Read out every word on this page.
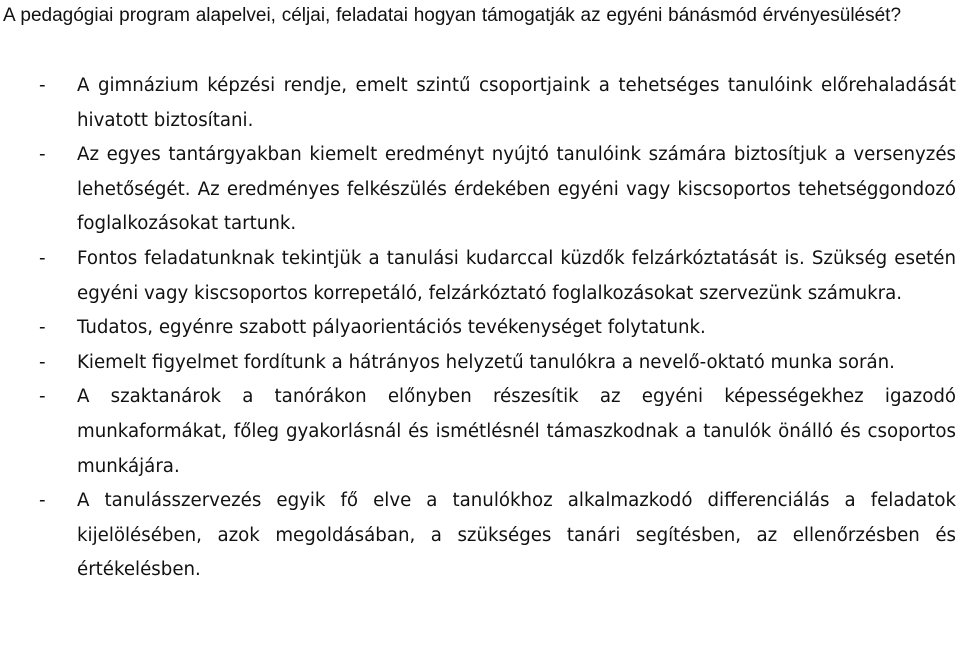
A pedagógiai program alapelvei, céljai, feladatai hogyan támogatják az egyéni bánásmód érvényesülését?
- A gimnázium képzési rendje, emelt szintű csoportjaink a tehetséges tanulóink előrehaladását hivatott biztosítani.
- Az egyes tantárgyakban kiemelt eredményt nyújtó tanulóink számára biztosítjuk a versenyzés lehetőségét. Az eredményes felkészülés érdekében egyéni vagy kiscsoportos tehetséggondozó foglalkozásokat tartunk.
- Fontos feladatunknak tekintjük a tanulási kudarccal küzdők felzárkóztatását is. Szükség esetén egyéni vagy kiscsoportos korrepetáló, felzárkóztató foglalkozásokat szervezünk számukra.
- Tudatos, egyénre szabott pályaorientációs tevékenységet folytatunk.
- Kiemelt figyelmet fordítunk a hátrányos helyzetű tanulókra a nevelő-oktató munka során.
- A szaktanárok a tanórákon előnyben részesítik az egyéni képességekhez igazodó munkaformákat, főleg gyakorlásnál és ismétlésnél támaszkodnak a tanulók önálló és csoportos munkájára.
- A tanulásszervezés egyik fő elve a tanulókhoz alkalmazkodó differenciálás a feladatok kijelölésében, azok megoldásában, a szükséges tanári segítésben, az ellenőrzésben és értékelésben.
